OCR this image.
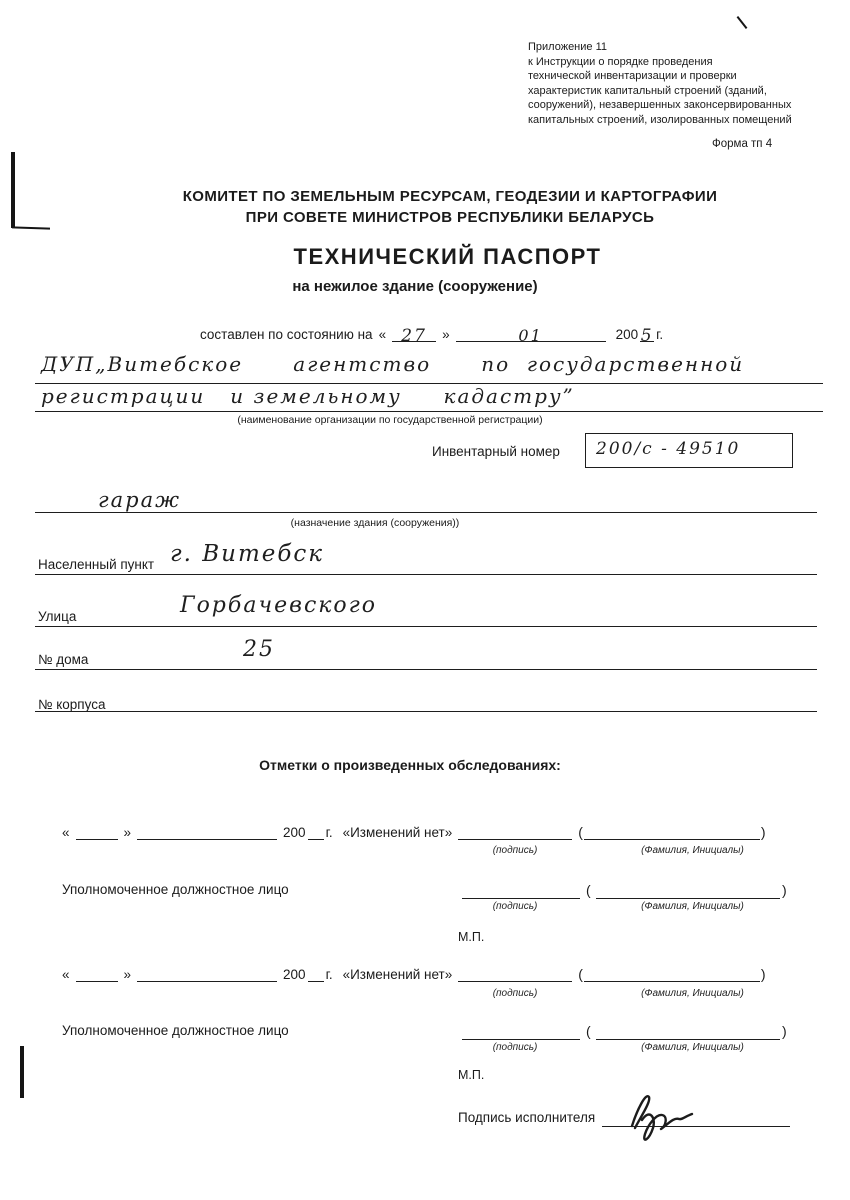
Приложение 11
к Инструкции о порядке проведения
технической инвентаризации и проверки
характеристик капитальный строений (зданий,
сооружений), незавершенных законсервированных
капитальных строений, изолированных помещений
Форма тп 4
КОМИТЕТ ПО ЗЕМЕЛЬНЫМ РЕСУРСАМ, ГЕОДЕЗИИ И КАРТОГРАФИИ
ПРИ СОВЕТЕ МИНИСТРОВ РЕСПУБЛИКИ БЕЛАРУСЬ
ТЕХНИЧЕСКИЙ ПАСПОРТ
на нежилое здание (сооружение)
составлен по состоянию на « 27	»	01	200 5 г.
ДУП„Витебское      агентство      по  государственной
регистрации   и земельному     кадастру”
(наименование организации по государственной регистрации)
Инвентарный номер 200/с - 49510
гараж
(назначение здания (сооружения))
Населенный пункт г. Витебск
Улица	Горбачевского
№ дома	25
№ корпуса
Отметки о произведенных обследованиях:
«	»	200 г. «Изменений нет»	(	)
(подпись)	(Фамилия, Инициалы)
Уполномоченное должностное лицо	(	)
(подпись)	(Фамилия, Инициалы)
М.П.
«	»	200 г. «Изменений нет»	(	)
(подпись)	(Фамилия, Инициалы)
Уполномоченное должностное лицо	(	)
(подпись)	(Фамилия, Инициалы)
М.П.
Подпись исполнителя
